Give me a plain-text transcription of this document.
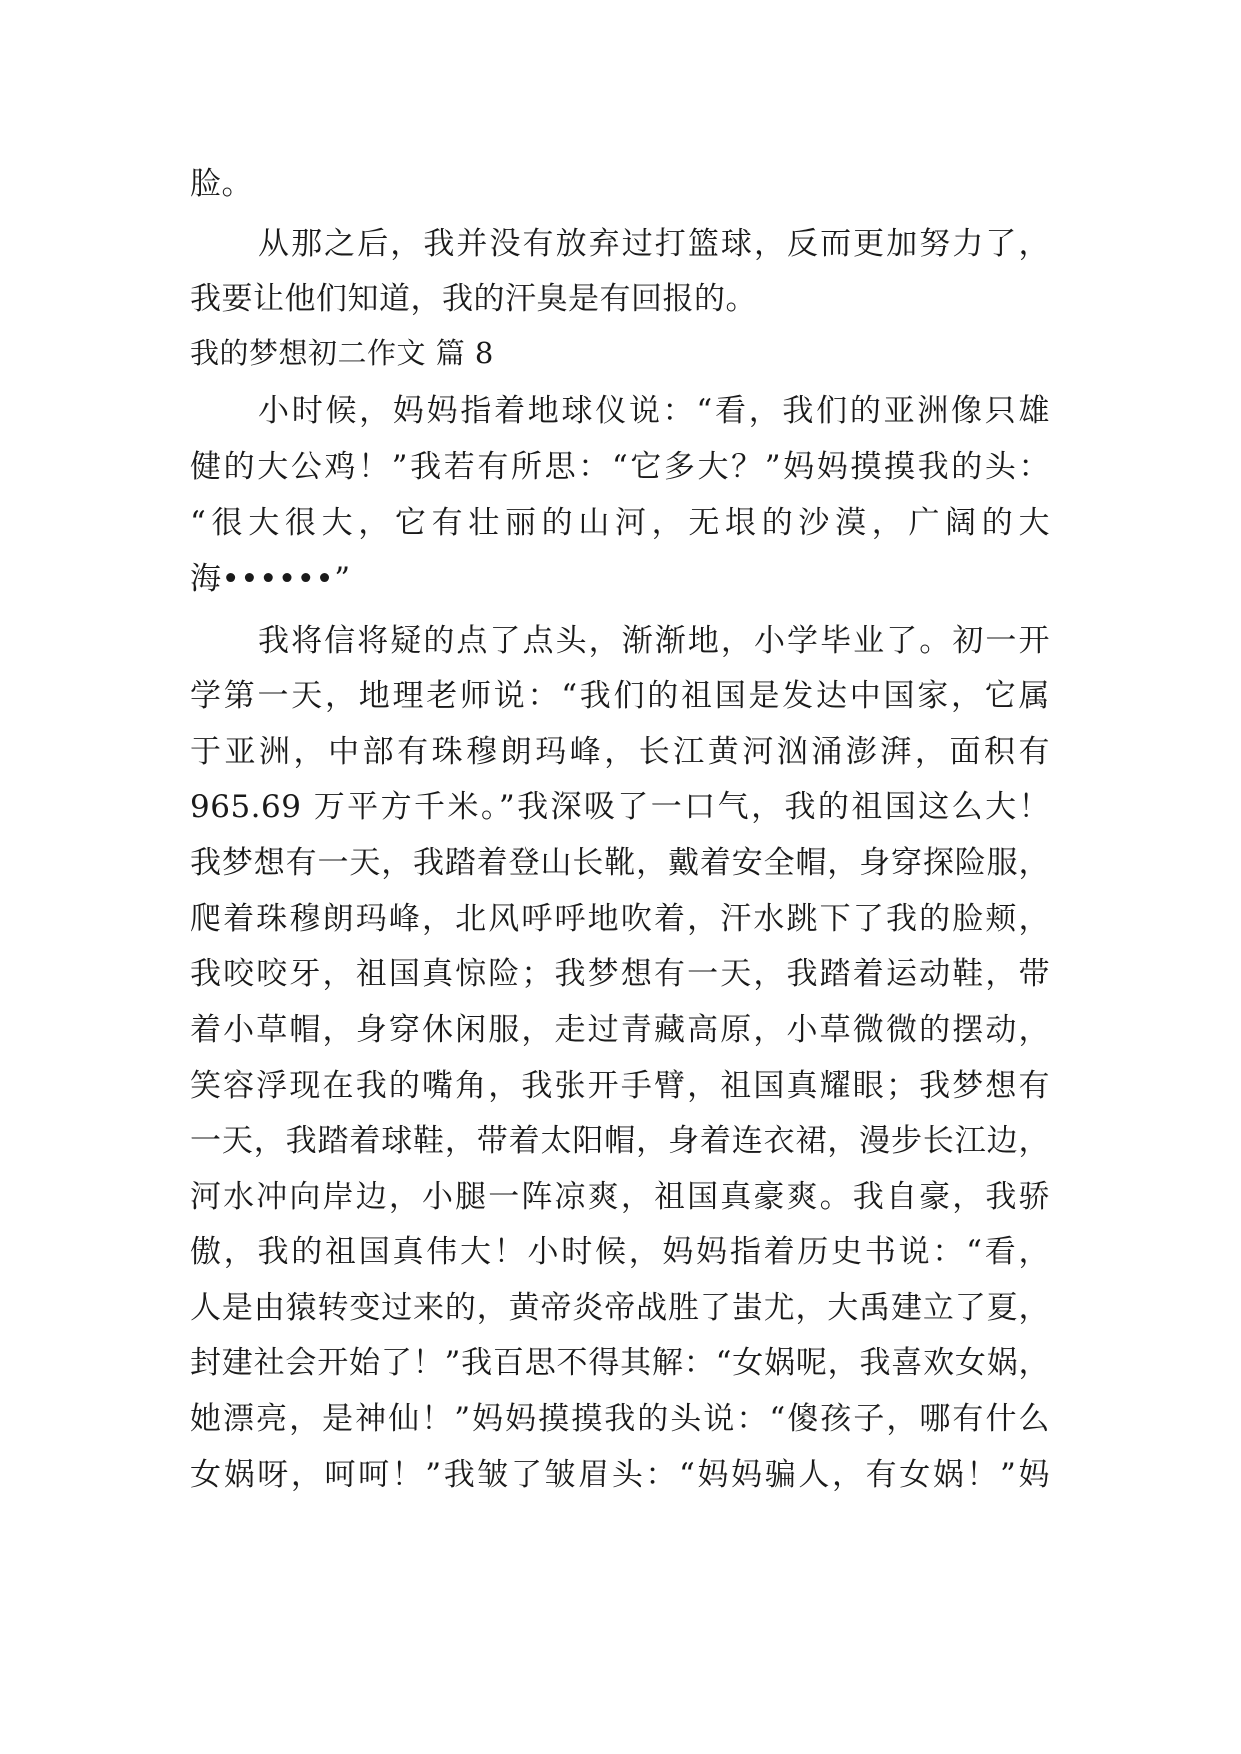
脸。
从那之后，我并没有放弃过打篮球，反而更加努力了，
我要让他们知道，我的汗臭是有回报的。
我的梦想初二作文 篇 8
小时候，妈妈指着地球仪说：“看，我们的亚洲像只雄
健的大公鸡！”我若有所思：“它多大？”妈妈摸摸我的头：
“很大很大，它有壮丽的山河，无垠的沙漠，广阔的大
海••••••”
我将信将疑的点了点头，渐渐地，小学毕业了。初一开
学第一天，地理老师说：“我们的祖国是发达中国家，它属
于亚洲，中部有珠穆朗玛峰，长江黄河汹涌澎湃，面积有
965.69 万平方千米。”我深吸了一口气，我的祖国这么大！
我梦想有一天，我踏着登山长靴，戴着安全帽，身穿探险服，
爬着珠穆朗玛峰，北风呼呼地吹着，汗水跳下了我的脸颊，
我咬咬牙，祖国真惊险；我梦想有一天，我踏着运动鞋，带
着小草帽，身穿休闲服，走过青藏高原，小草微微的摆动，
笑容浮现在我的嘴角，我张开手臂，祖国真耀眼；我梦想有
一天，我踏着球鞋，带着太阳帽，身着连衣裙，漫步长江边，
河水冲向岸边，小腿一阵凉爽，祖国真豪爽。我自豪，我骄
傲，我的祖国真伟大！小时候，妈妈指着历史书说：“看，
人是由猿转变过来的，黄帝炎帝战胜了蚩尤，大禹建立了夏，
封建社会开始了！”我百思不得其解：“女娲呢，我喜欢女娲，
她漂亮，是神仙！”妈妈摸摸我的头说：“傻孩子，哪有什么
女娲呀，呵呵！”我皱了皱眉头：“妈妈骗人，有女娲！”妈
